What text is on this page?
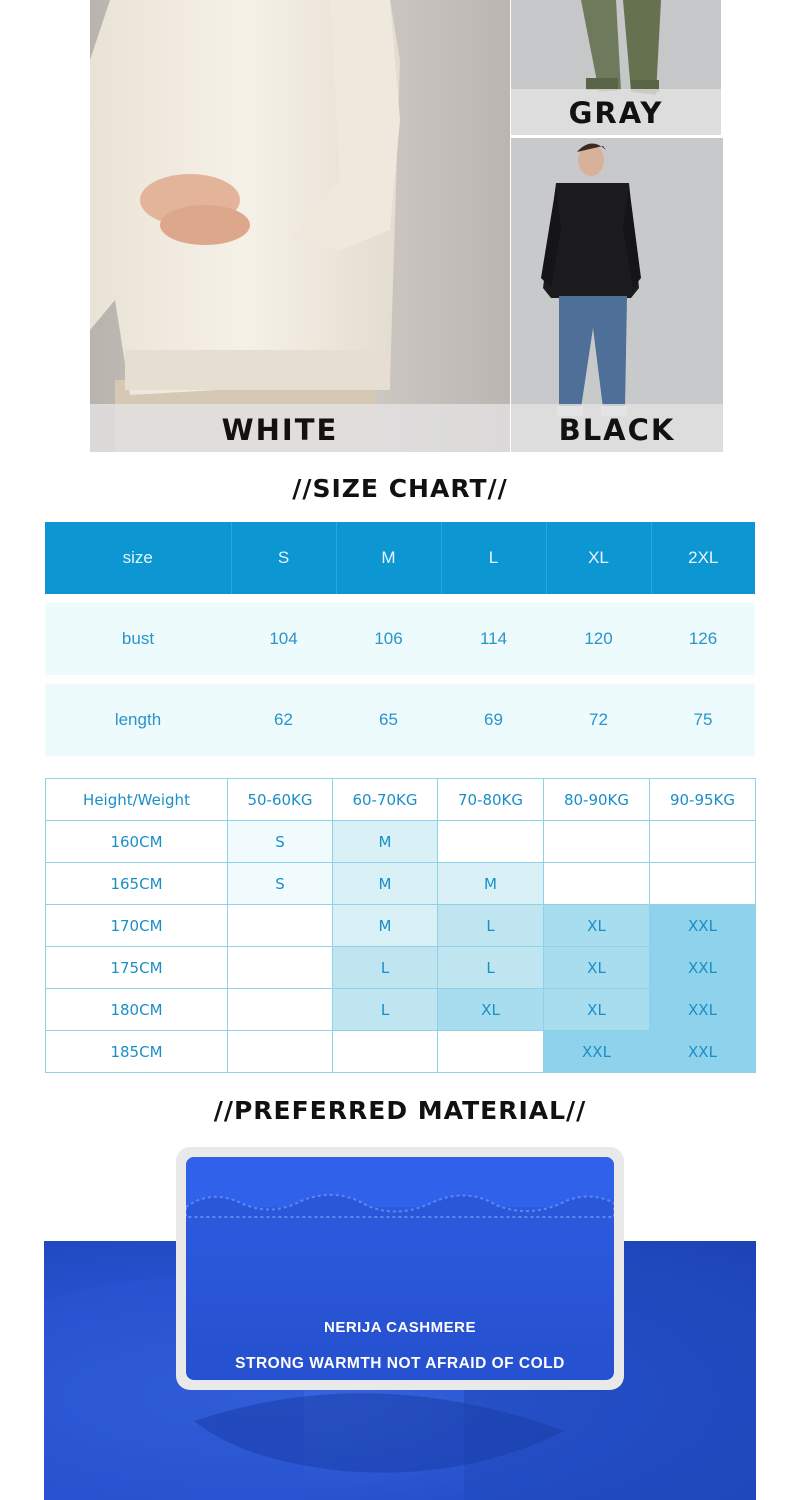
WHITE
GRAY
BLACK
//SIZE CHART//
size	S	M	L	XL	2XL

bust	104	106	114	120	126

length	62	65	69	72	75
Height/Weight	50-60KG	60-70KG	70-80KG	80-90KG	90-95KG
160CM	S	M			
165CM	S	M	M		
170CM		M	L	XL	XXL
175CM		L	L	XL	XXL
180CM		L	XL	XL	XXL
185CM				XXL	XXL
//PREFERRED MATERIAL//
NERIJA CASHMERE
STRONG WARMTH NOT AFRAID OF COLD
